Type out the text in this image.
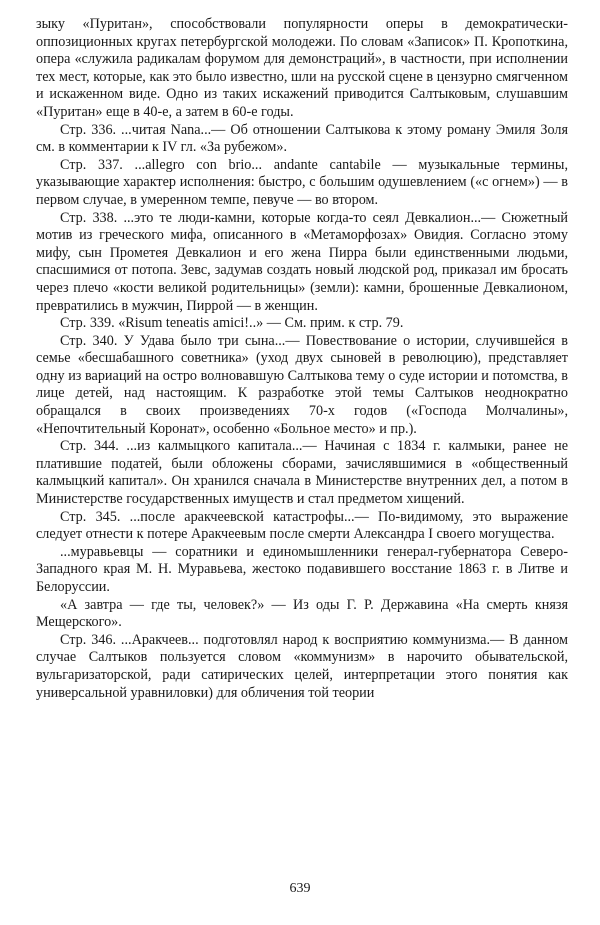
зыку «Пуритан», способствовали популярности оперы в демократически-оппозиционных кругах петербургской молодежи. По словам «Записок» П. Кропоткина, опера «служила радикалам форумом для демонстраций», в частности, при исполнении тех мест, которые, как это было известно, шли на русской сцене в цензурно смягченном и искаженном виде. Одно из таких искажений приводится Салтыковым, слушавшим «Пуритан» еще в 40-е, а затем в 60-е годы.

Стр. 336. ...читая Nana...— Об отношении Салтыкова к этому роману Эмиля Золя см. в комментарии к IV гл. «За рубежом».

Стр. 337. ...allegro con brio... andante cantabile — музыкальные термины, указывающие характер исполнения: быстро, с большим одушевлением («с огнем») — в первом случае, в умеренном темпе, певуче — во втором.

Стр. 338. ...это те люди-камни, которые когда-то сеял Девкалион...— Сюжетный мотив из греческого мифа, описанного в «Метаморфозах» Овидия. Согласно этому мифу, сын Прометея Девкалион и его жена Пирра были единственными людьми, спасшимися от потопа. Зевс, задумав создать новый людской род, приказал им бросать через плечо «кости великой родительницы» (земли): камни, брошенные Девкалионом, превратились в мужчин, Пиррой — в женщин.

Стр. 339. «Risum teneatis amici!..» — См. прим. к стр. 79.

Стр. 340. У Удава было три сына...— Повествование о истории, случившейся в семье «бесшабашного советника» (уход двух сыновей в революцию), представляет одну из вариаций на остро волновавшую Салтыкова тему о суде истории и потомства, в лице детей, над настоящим. К разработке этой темы Салтыков неоднократно обращался в своих произведениях 70-х годов («Господа Молчалины», «Непочтительный Коронат», особенно «Больное место» и пр.).

Стр. 344. ...из калмыцкого капитала...— Начиная с 1834 г. калмыки, ранее не платившие податей, были обложены сборами, зачислявшимися в «общественный калмыцкий капитал». Он хранился сначала в Министерстве внутренних дел, а потом в Министерстве государственных имуществ и стал предметом хищений.

Стр. 345. ...после аракчеевской катастрофы...— По-видимому, это выражение следует отнести к потере Аракчеевым после смерти Александра I своего могущества.

...муравьевцы — соратники и единомышленники генерал-губернатора Северо-Западного края М. Н. Муравьева, жестоко подавившего восстание 1863 г. в Литве и Белоруссии.

«А завтра — где ты, человек?» — Из оды Г. Р. Державина «На смерть князя Мещерского».

Стр. 346. ...Аракчеев... подготовлял народ к восприятию коммунизма.— В данном случае Салтыков пользуется словом «коммунизм» в нарочито обывательской, вульгаризаторской, ради сатирических целей, интерпретации этого понятия как универсальной уравниловки) для обличения той теории

639
